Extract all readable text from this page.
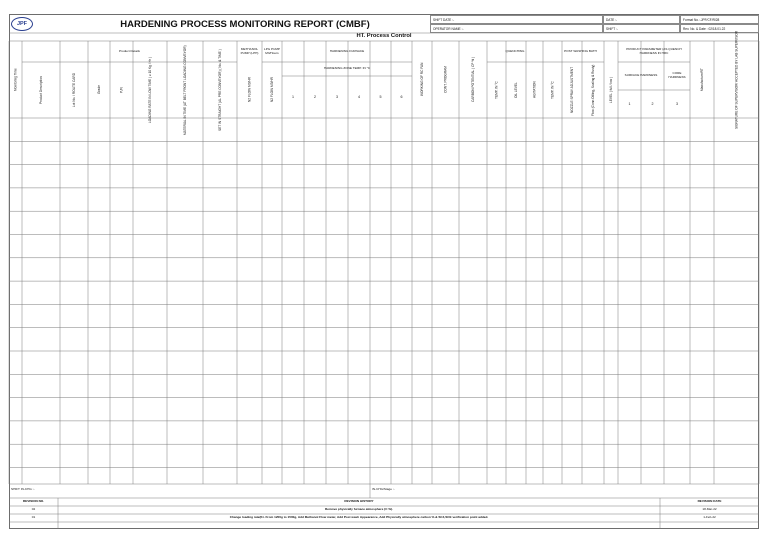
JPF	HARDENING PROCESS MONITORING REPORT (CMBF)	SHIFT DATE :-
OPERATOR NAME :-
DATE :-
SHIFT :-
Format No.:-JPF/CF/R/28
Rev. No. & Date : 02/18.01.22
HT. Process Control
Monitoring Time
Product Details
Product Description	Lot No. / ROUTE CARD	Grade	P./N	LOADING RATE IN LOW TIME ( ≥ 10 Kg / Hr )	MATERIAL IN TIME (AT BELT FRONT LOADING CONVEYOR)	SET IN STRAIGHT (AL PRE CONVEYOR) ( No. & TIME )
METHANOL PUMP (LPH)
LPG PUMP M3/Hours
N2 FLOW M3/HR	N2 FLOW M3/HR
HARDENING FURNACE
HARDENING ZONE TEMP. IN °C
1	2	3	4	5	6
WORKING OF RC FAN	CONT. PROGRAM	CARBON POTENTIAL ( CP % )
QUENCHING
TEMP. IN °C	OIL LEVEL	AGITATION
POST WASHING BATH
TEMP. IN °C	NOZZLE SPRAY ADJUSTMENT	Flow (Conn Oilling, Scaling & Rusty)	LEVEL ( full / low )
PRODUCT PARAMETER (AS QUENCH HARDNESS IN HRC
SURFACE HARDNESS	CORE HARDNESS
1	2	3
Manufacture/RT	SIGNATURE OF SUPERVISOR/ ACCEPTED BY LAB SUPERVISOR
SHIFT IN-CHG :-	IN-CHG/Stage :-
REVISION NO.	REVISION HISTORY	REVISION DATE
02	Remove physically furnace atmosphere (C %).	18-Mar-22
01	Change loading rate(Kr. From 1200g to 1500g, Add Methanol Flow meter, Add Post wash Appearance, Add Physically atmosphere carbon % & SC4,SCE verification point added.	1-Feb-22
